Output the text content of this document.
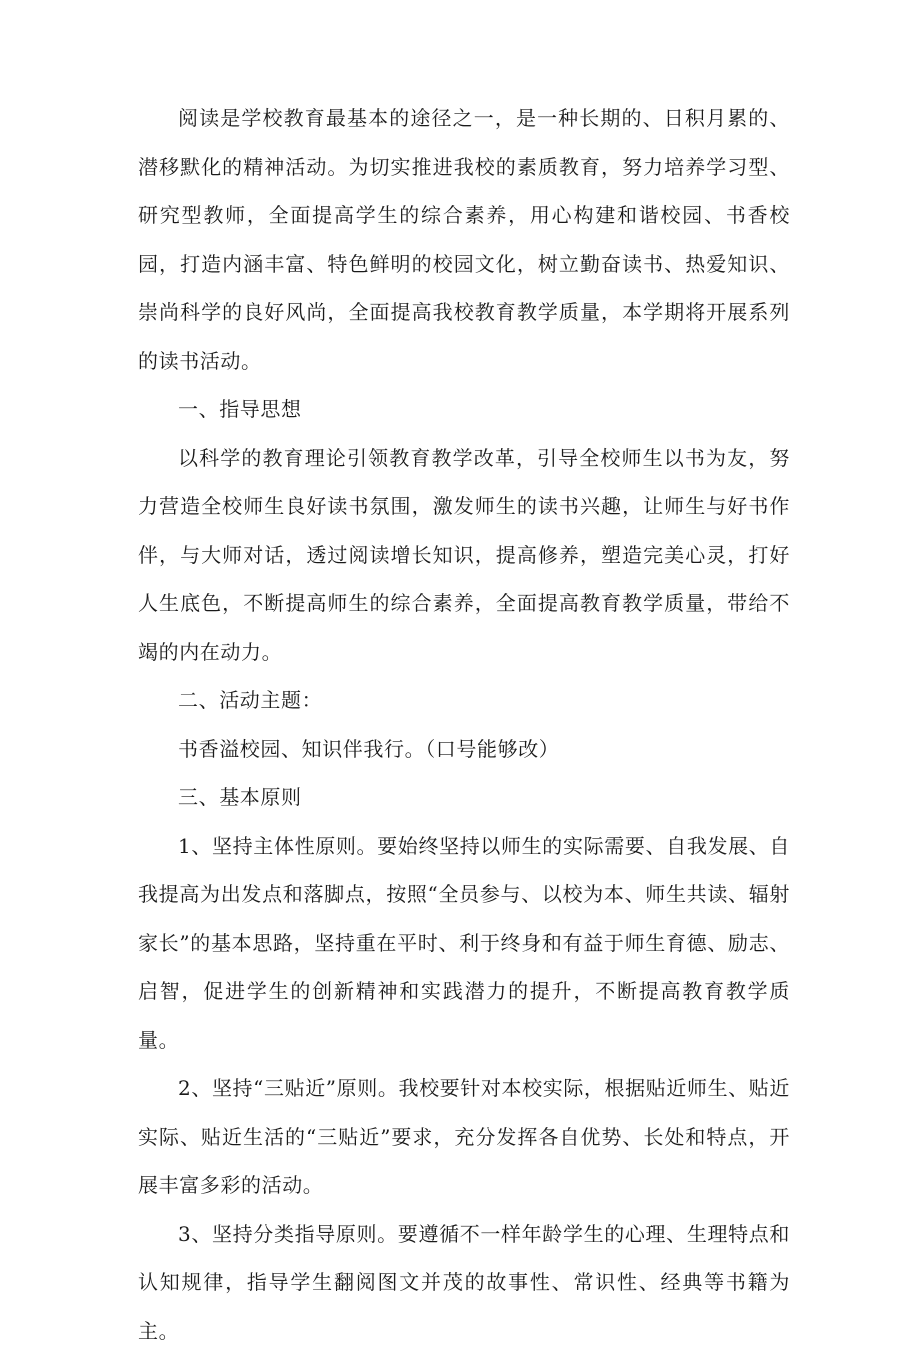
阅读是学校教育最基本的途径之一，是一种长期的、日积月累的、潜移默化的精神活动。为切实推进我校的素质教育，努力培养学习型、研究型教师，全面提高学生的综合素养，用心构建和谐校园、书香校园，打造内涵丰富、特色鲜明的校园文化，树立勤奋读书、热爱知识、崇尚科学的良好风尚，全面提高我校教育教学质量，本学期将开展系列的读书活动。

一、指导思想

以科学的教育理论引领教育教学改革，引导全校师生以书为友，努力营造全校师生良好读书氛围，激发师生的读书兴趣，让师生与好书作伴，与大师对话，透过阅读增长知识，提高修养，塑造完美心灵，打好人生底色，不断提高师生的综合素养，全面提高教育教学质量，带给不竭的内在动力。

二、活动主题：

书香溢校园、知识伴我行。（口号能够改）

三、基本原则

1、坚持主体性原则。要始终坚持以师生的实际需要、自我发展、自我提高为出发点和落脚点，按照“全员参与、以校为本、师生共读、辐射家长”的基本思路，坚持重在平时、利于终身和有益于师生育德、励志、启智，促进学生的创新精神和实践潜力的提升，不断提高教育教学质量。

2、坚持“三贴近”原则。我校要针对本校实际，根据贴近师生、贴近实际、贴近生活的“三贴近”要求，充分发挥各自优势、长处和特点，开展丰富多彩的活动。

3、坚持分类指导原则。要遵循不一样年龄学生的心理、生理特点和认知规律，指导学生翻阅图文并茂的故事性、常识性、经典等书籍为主。
